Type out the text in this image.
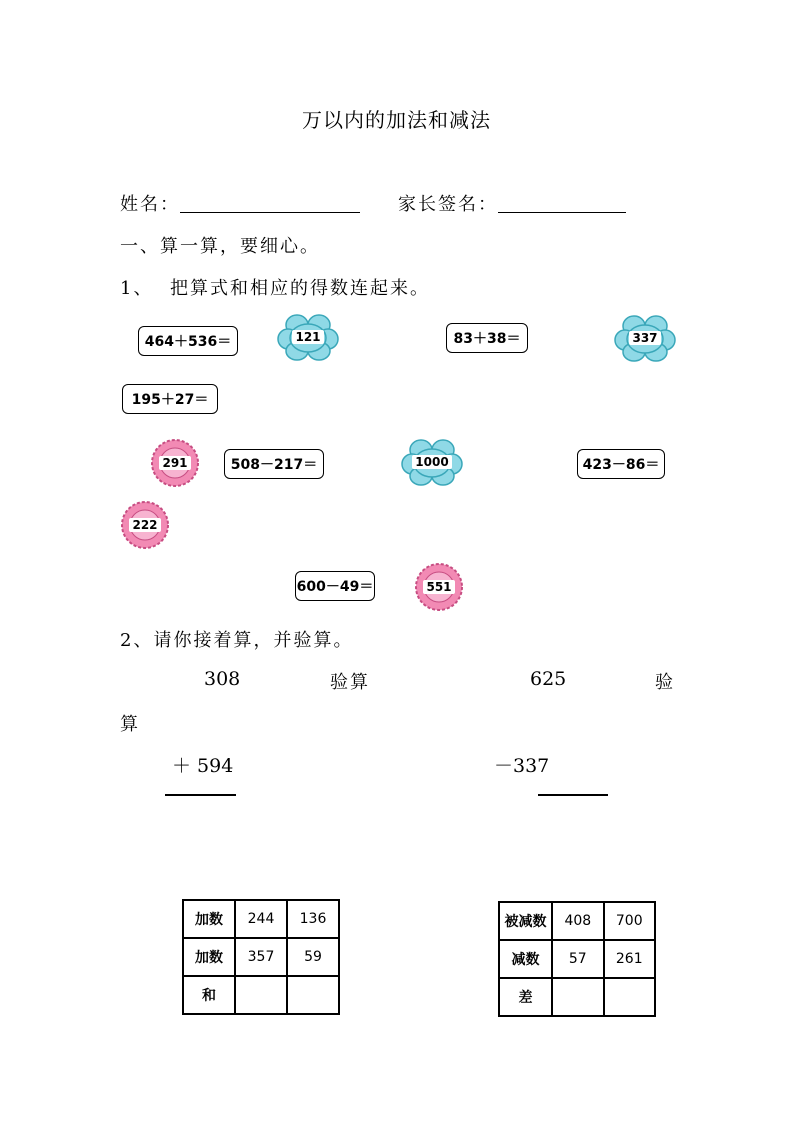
万以内的加法和减法
姓名：	家长签名：
一、算一算，要细心。
1、 把算式和相应的得数连起来。
464＋536＝	83＋38＝
195＋27＝
508－217＝	423－86＝
600－49＝
121	337
1000
291
222
551
2、请你接着算，并验算。
308	验算	625	验
算
＋ 594	－337
加数	244	136
加数	357	59
和		
被减数	408	700
减数	57	261
差		
